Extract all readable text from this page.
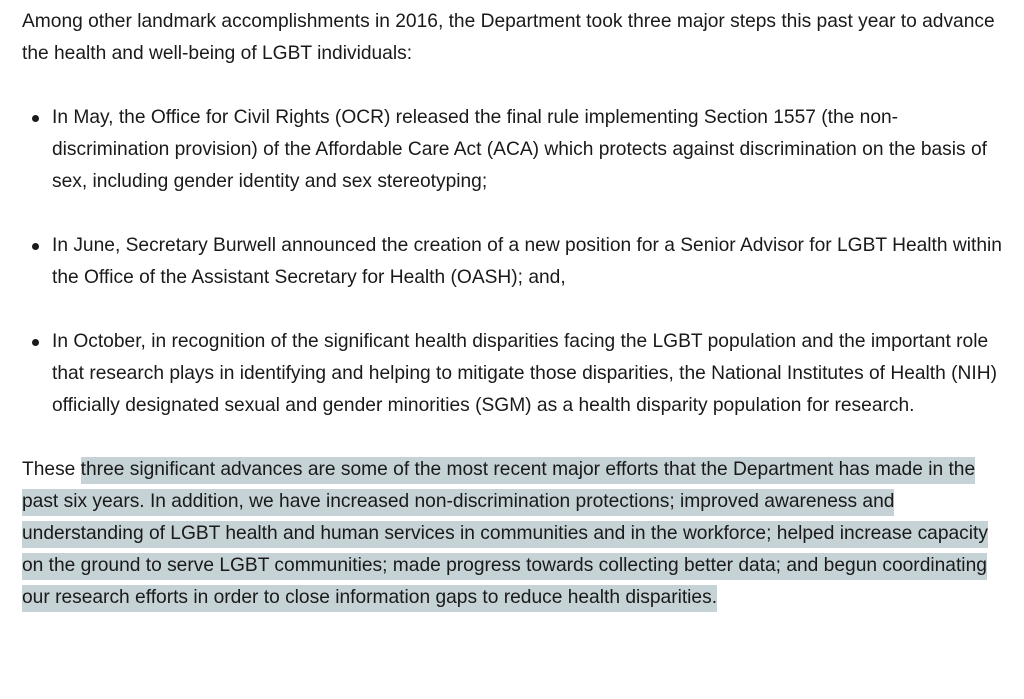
Among other landmark accomplishments in 2016, the Department took three major steps this past year to advance the health and well-being of LGBT individuals:

In May, the Office for Civil Rights (OCR) released the final rule implementing Section 1557 (the non-discrimination provision) of the Affordable Care Act (ACA) which protects against discrimination on the basis of sex, including gender identity and sex stereotyping;
In June, Secretary Burwell announced the creation of a new position for a Senior Advisor for LGBT Health within the Office of the Assistant Secretary for Health (OASH); and,
In October, in recognition of the significant health disparities facing the LGBT population and the important role that research plays in identifying and helping to mitigate those disparities, the National Institutes of Health (NIH) officially designated sexual and gender minorities (SGM) as a health disparity population for research.

These three significant advances are some of the most recent major efforts that the Department has made in the past six years. In addition, we have increased non-discrimination protections; improved awareness and understanding of LGBT health and human services in communities and in the workforce; helped increase capacity on the ground to serve LGBT communities; made progress towards collecting better data; and begun coordinating our research efforts in order to close information gaps to reduce health disparities.
